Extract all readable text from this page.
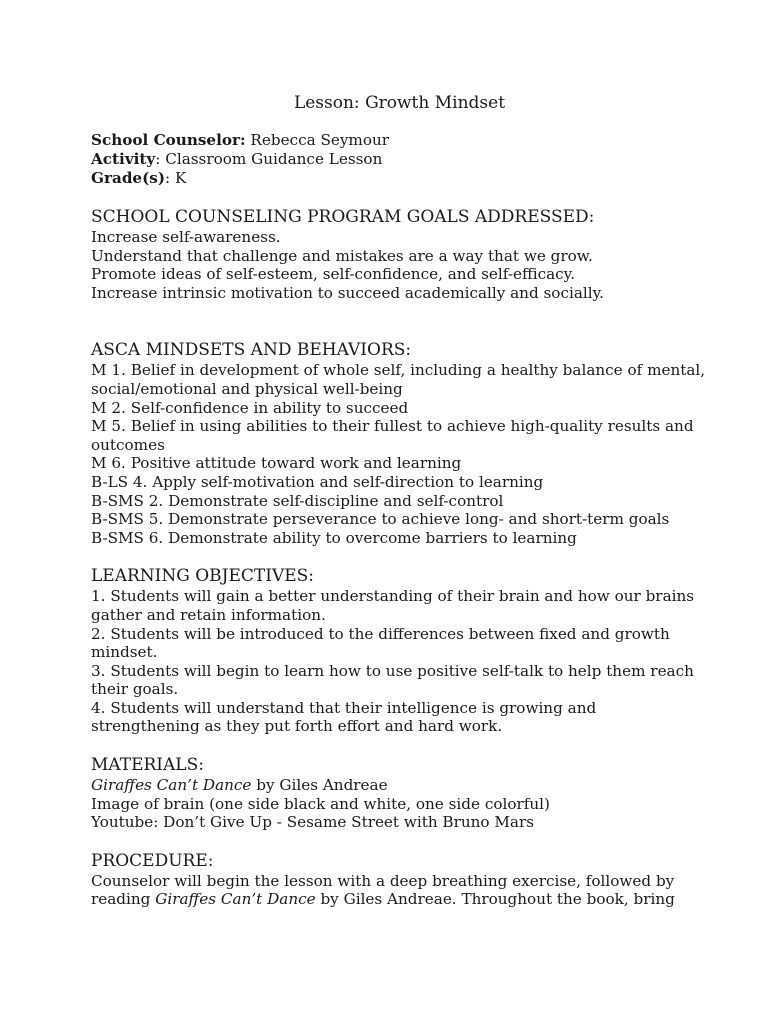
Lesson: Growth Mindset

School Counselor: Rebecca Seymour

Activity: Classroom Guidance Lesson

Grade(s): K

SCHOOL COUNSELING PROGRAM GOALS ADDRESSED:

Increase self-awareness.

Understand that challenge and mistakes are a way that we grow.

Promote ideas of self-esteem, self-confidence, and self-efficacy.

Increase intrinsic motivation to succeed academically and socially.

ASCA MINDSETS AND BEHAVIORS:

M 1. Belief in development of whole self, including a healthy balance of mental,

social/emotional and physical well-being

M 2. Self-confidence in ability to succeed

M 5. Belief in using abilities to their fullest to achieve high-quality results and

outcomes

M 6. Positive attitude toward work and learning

B-LS 4. Apply self-motivation and self-direction to learning

B-SMS 2. Demonstrate self-discipline and self-control

B-SMS 5. Demonstrate perseverance to achieve long- and short-term goals

B-SMS 6. Demonstrate ability to overcome barriers to learning

LEARNING OBJECTIVES:

1. Students will gain a better understanding of their brain and how our brains

gather and retain information.

2. Students will be introduced to the differences between fixed and growth

mindset.

3. Students will begin to learn how to use positive self-talk to help them reach

their goals.

4. Students will understand that their intelligence is growing and

strengthening as they put forth effort and hard work.

MATERIALS:

Giraffes Can’t Dance by Giles Andreae

Image of brain (one side black and white, one side colorful)

Youtube: Don’t Give Up - Sesame Street with Bruno Mars

PROCEDURE:

Counselor will begin the lesson with a deep breathing exercise, followed by

reading Giraffes Can’t Dance by Giles Andreae. Throughout the book, bring
